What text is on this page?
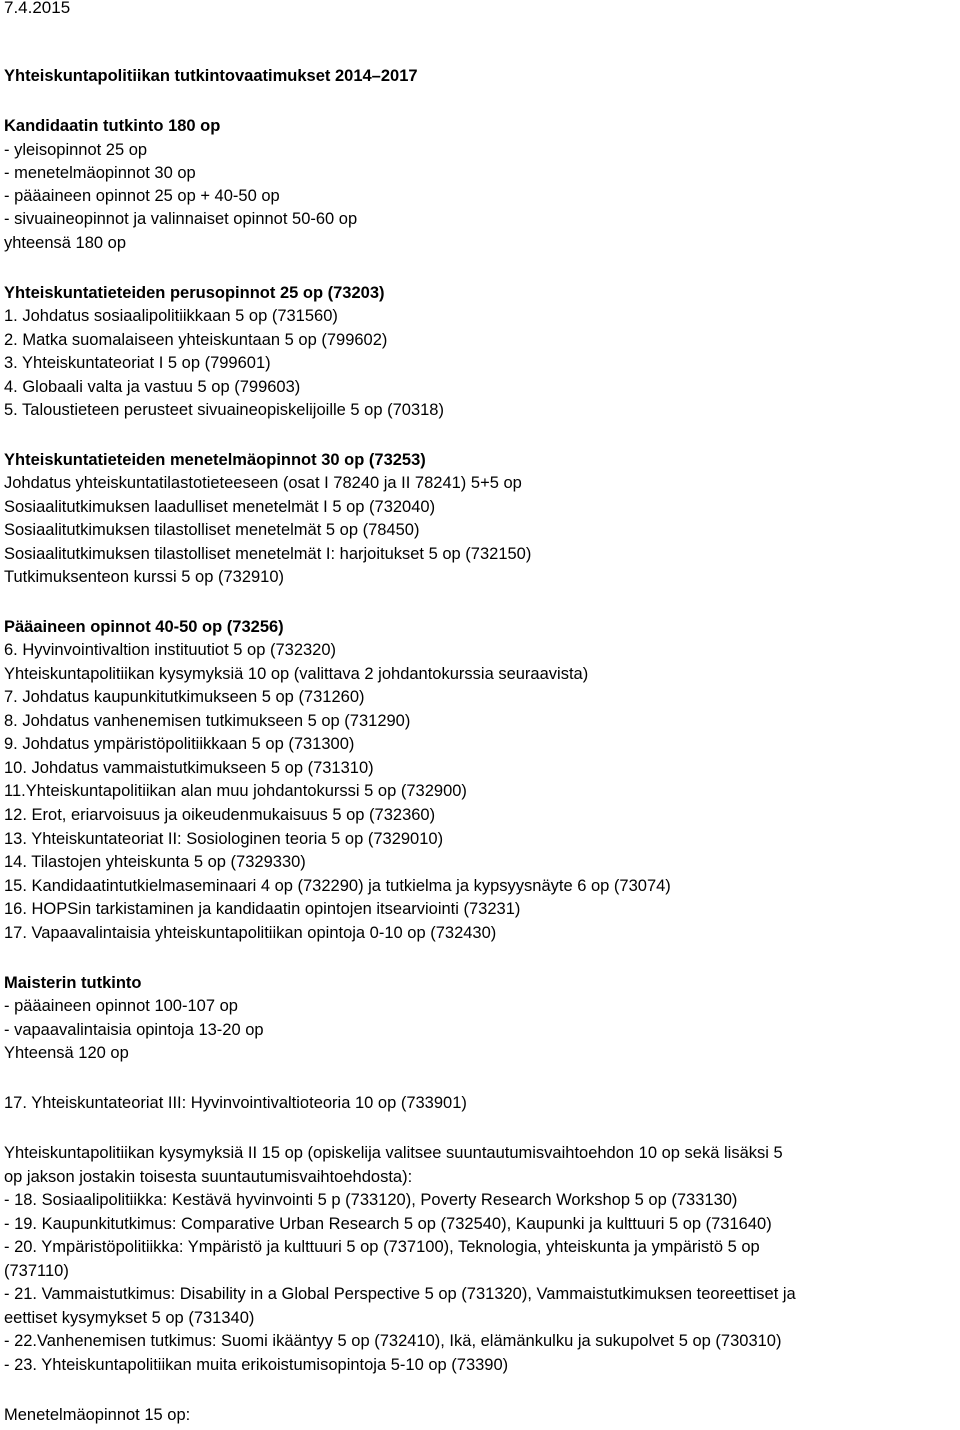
7.4.2015
Yhteiskuntapolitiikan tutkintovaatimukset 2014–2017
Kandidaatin tutkinto 180 op
- yleisopinnot 25 op
- menetelmäopinnot 30 op
- pääaineen opinnot 25 op + 40-50 op
- sivuaineopinnot ja valinnaiset opinnot 50-60 op
yhteensä 180 op
Yhteiskuntatieteiden perusopinnot 25 op (73203)
1. Johdatus sosiaalipolitiikkaan 5 op (731560)
2. Matka suomalaiseen yhteiskuntaan 5 op (799602)
3. Yhteiskuntateoriat I 5 op (799601)
4. Globaali valta ja vastuu 5 op (799603)
5. Taloustieteen perusteet sivuaineopiskelijoille 5 op (70318)
Yhteiskuntatieteiden menetelmäopinnot 30 op (73253)
Johdatus yhteiskuntatilastotieteeseen (osat I 78240 ja II 78241) 5+5 op
Sosiaalitutkimuksen laadulliset menetelmät I 5 op (732040)
Sosiaalitutkimuksen tilastolliset menetelmät 5 op (78450)
Sosiaalitutkimuksen tilastolliset menetelmät I: harjoitukset 5 op (732150)
Tutkimuksenteon kurssi 5 op (732910)
Pääaineen opinnot 40-50 op (73256)
6. Hyvinvointivaltion instituutiot 5 op (732320)
Yhteiskuntapolitiikan kysymyksiä 10 op (valittava 2 johdantokurssia seuraavista)
7. Johdatus kaupunkitutkimukseen 5 op (731260)
8. Johdatus vanhenemisen tutkimukseen 5 op (731290)
9. Johdatus ympäristöpolitiikkaan 5 op (731300)
10. Johdatus vammaistutkimukseen 5 op (731310)
11.Yhteiskuntapolitiikan alan muu johdantokurssi 5 op (732900)
12. Erot, eriarvoisuus ja oikeudenmukaisuus 5 op (732360)
13. Yhteiskuntateoriat II: Sosiologinen teoria 5 op (7329010)
14. Tilastojen yhteiskunta 5 op (7329330)
15. Kandidaatintutkielmaseminaari 4 op (732290) ja tutkielma ja kypsyysnäyte 6 op (73074)
16. HOPSin tarkistaminen ja kandidaatin opintojen itsearviointi (73231)
17. Vapaavalintaisia yhteiskuntapolitiikan opintoja 0-10 op (732430)
Maisterin tutkinto
- pääaineen opinnot 100-107 op
- vapaavalintaisia opintoja 13-20 op
Yhteensä 120 op
17. Yhteiskuntateoriat III: Hyvinvointivaltioteoria 10 op (733901)
Yhteiskuntapolitiikan kysymyksiä II 15 op (opiskelija valitsee suuntautumisvaihtoehdon 10 op sekä lisäksi 5
op jakson jostakin toisesta suuntautumisvaihtoehdosta):
- 18. Sosiaalipolitiikka: Kestävä hyvinvointi 5 p (733120), Poverty Research Workshop 5 op (733130)
- 19. Kaupunkitutkimus: Comparative Urban Research 5 op (732540), Kaupunki ja kulttuuri 5 op (731640)
- 20. Ympäristöpolitiikka: Ympäristö ja kulttuuri 5 op (737100), Teknologia, yhteiskunta ja ympäristö 5 op
(737110)
- 21. Vammaistutkimus: Disability in a Global Perspective 5 op (731320), Vammaistutkimuksen teoreettiset ja
eettiset kysymykset 5 op (731340)
- 22.Vanhenemisen tutkimus: Suomi ikääntyy 5 op (732410), Ikä, elämänkulku ja sukupolvet 5 op (730310)
- 23. Yhteiskuntapolitiikan muita erikoistumisopintoja 5-10 op (73390)
Menetelmäopinnot 15 op:
